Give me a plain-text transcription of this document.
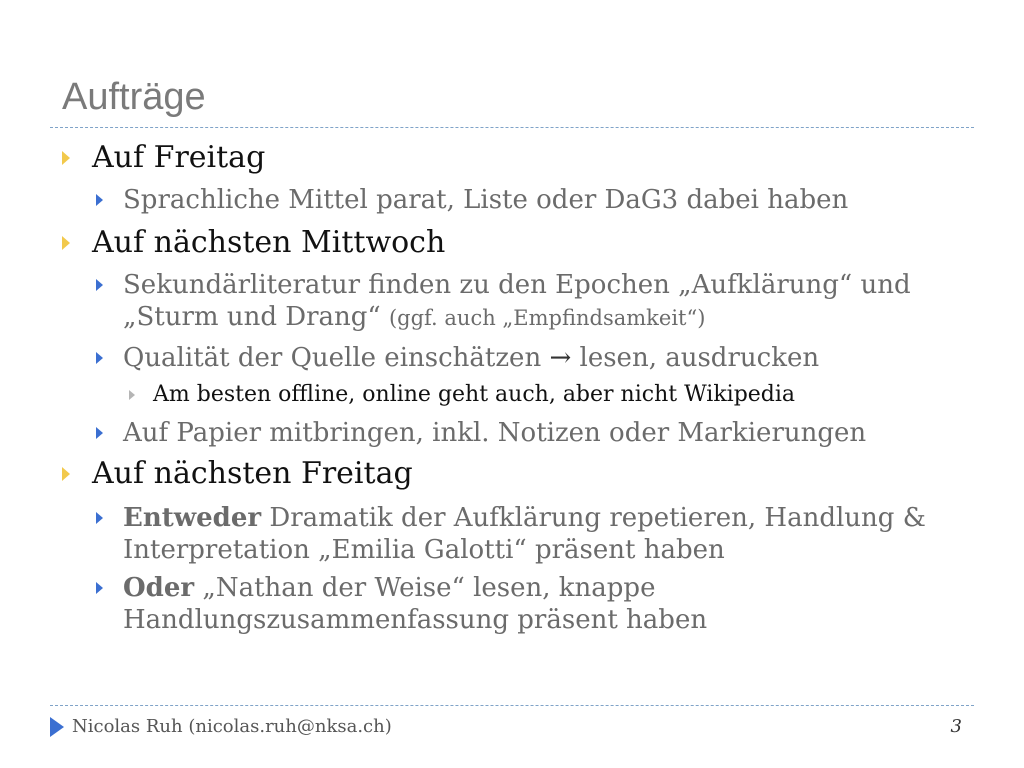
Aufträge
Auf Freitag
Sprachliche Mittel parat, Liste oder DaG3 dabei haben
Auf nächsten Mittwoch
Sekundärliteratur finden zu den Epochen „Aufklärung“ und
„Sturm und Drang“ (ggf. auch „Empfindsamkeit“)
Qualität der Quelle einschätzen → lesen, ausdrucken
Am besten offline, online geht auch, aber nicht Wikipedia
Auf Papier mitbringen, inkl. Notizen oder Markierungen
Auf nächsten Freitag
Entweder Dramatik der Aufklärung repetieren, Handlung &
Interpretation „Emilia Galotti“ präsent haben
Oder „Nathan der Weise“ lesen, knappe
Handlungszusammenfassung präsent haben
Nicolas Ruh (nicolas.ruh@nksa.ch)	3
